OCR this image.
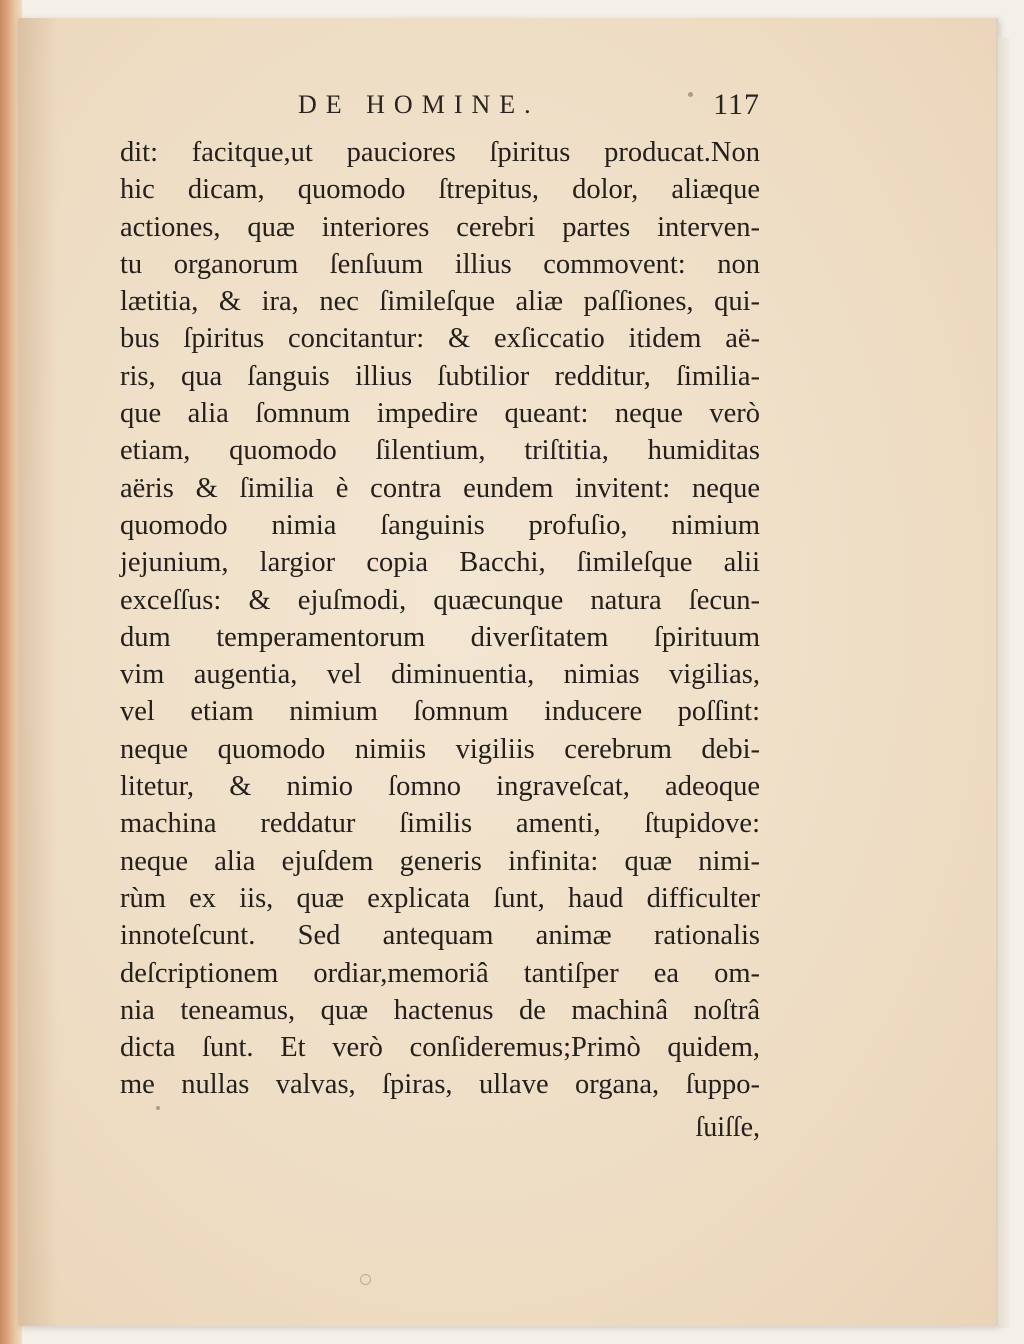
DE HOMINE.	117
dit: facitque,ut pauciores ſpiritus producat.Non
hic dicam, quomodo ſtrepitus, dolor, aliæque
actiones, quæ interiores cerebri partes interven-
tu organorum ſenſuum illius commovent: non
lætitia, & ira, nec ſimileſque aliæ paſſiones, qui-
bus ſpiritus concitantur: & exſiccatio itidem aë-
ris, qua ſanguis illius ſubtilior redditur, ſimilia-
que alia ſomnum impedire queant: neque verò
etiam, quomodo ſilentium, triſtitia, humiditas
aëris & ſimilia è contra eundem invitent: neque
quomodo nimia ſanguinis profuſio, nimium
jejunium, largior copia Bacchi, ſimileſque alii
exceſſus: & ejuſmodi, quæcunque natura ſecun-
dum temperamentorum diverſitatem ſpirituum
vim augentia, vel diminuentia, nimias vigilias,
vel etiam nimium ſomnum inducere poſſint:
neque quomodo nimiis vigiliis cerebrum debi-
litetur, & nimio ſomno ingraveſcat, adeoque
machina reddatur ſimilis amenti, ſtupidove:
neque alia ejuſdem generis infinita: quæ nimi-
rùm ex iis, quæ explicata ſunt, haud difficulter
innoteſcunt. Sed antequam animæ rationalis
deſcriptionem ordiar,memoriâ tantiſper ea om-
nia teneamus, quæ hactenus de machinâ noſtrâ
dicta ſunt. Et verò conſideremus;Primò quidem,
me nullas valvas, ſpiras, ullave organa, ſuppo-
ſuiſſe,
